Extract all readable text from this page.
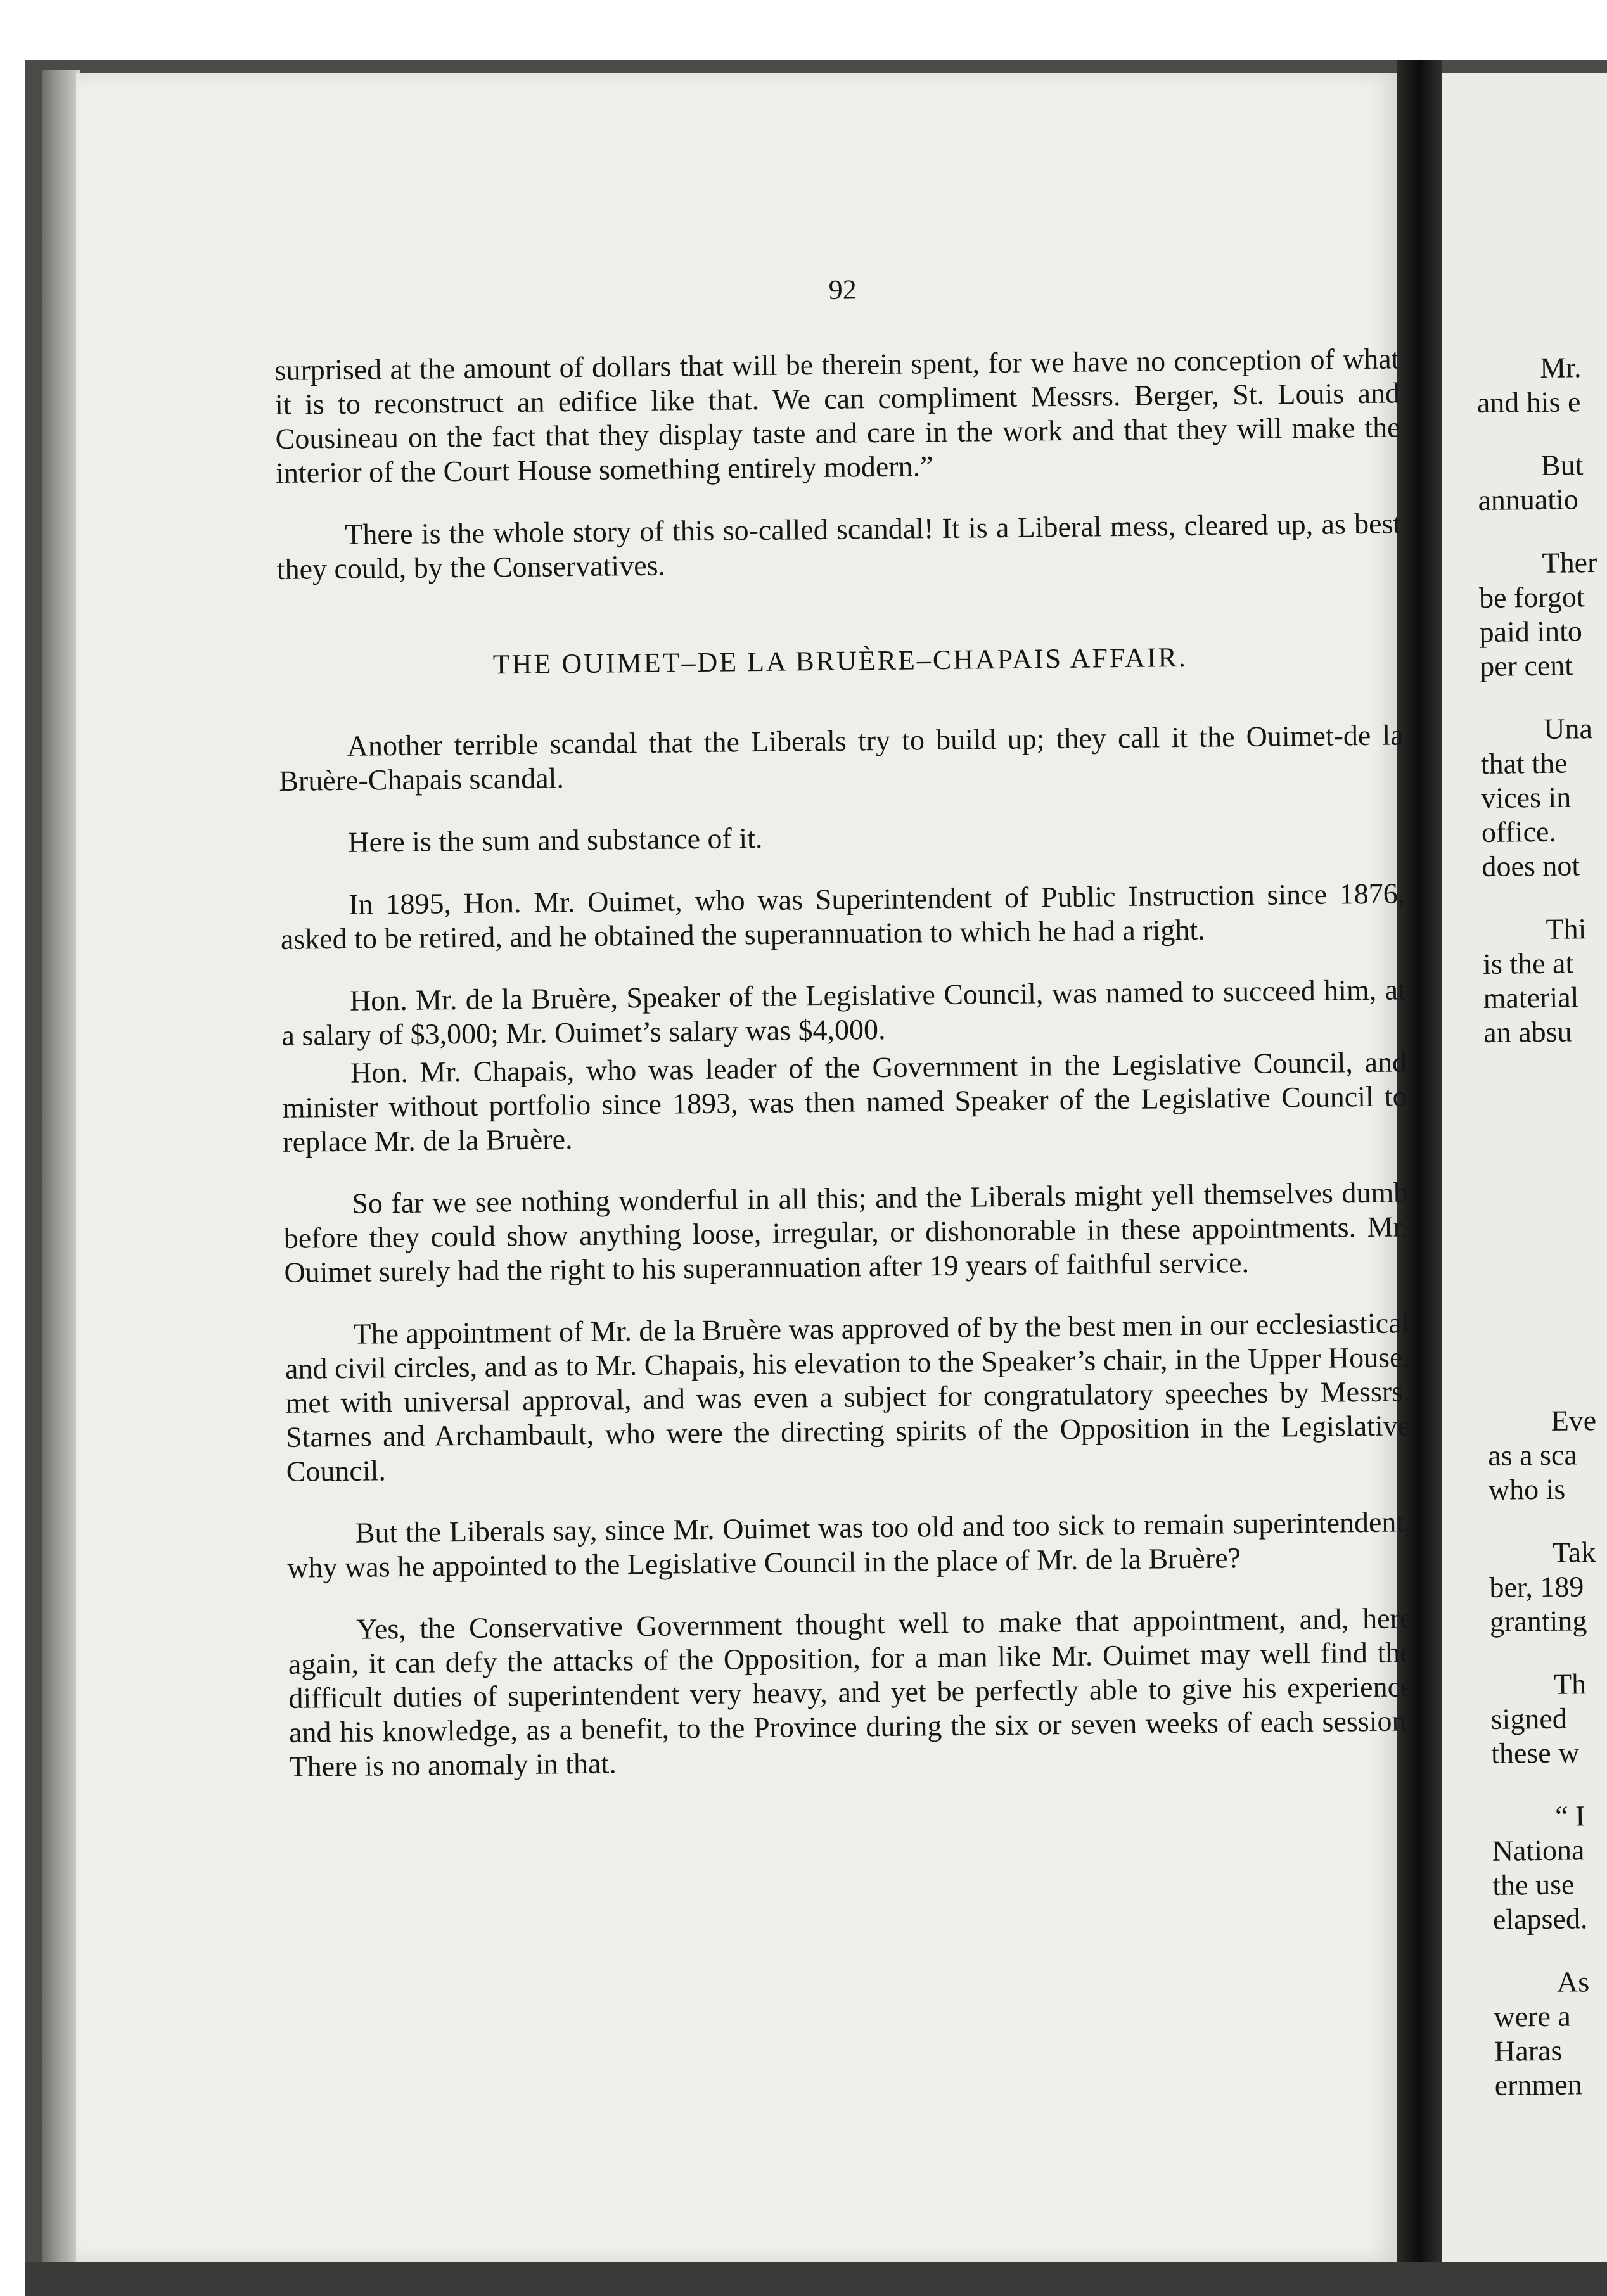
92

surprised at the amount of dollars that will be therein spent, for we have no conception of what it is to reconstruct an edifice like that. We can compliment Messrs. Berger, St. Louis and Cousineau on the fact that they display taste and care in the work and that they will make the interior of the Court House something entirely modern.”

There is the whole story of this so-called scandal! It is a Liberal mess, cleared up, as best they could, by the Conservatives.

THE OUIMET–DE LA BRUÈRE–CHAPAIS AFFAIR.

Another terrible scandal that the Liberals try to build up; they call it the Ouimet-de la Bruère-Chapais scandal.

Here is the sum and substance of it.

In 1895, Hon. Mr. Ouimet, who was Superintendent of Public Instruction since 1876, asked to be retired, and he obtained the superannuation to which he had a right.

Hon. Mr. de la Bruère, Speaker of the Legislative Council, was named to succeed him, at a salary of $3,000; Mr. Ouimet’s salary was $4,000.

Hon. Mr. Chapais, who was leader of the Government in the Legislative Council, and minister without portfolio since 1893, was then named Speaker of the Legislative Council to replace Mr. de la Bruère.

So far we see nothing wonderful in all this; and the Liberals might yell themselves dumb before they could show anything loose, irregular, or dishonorable in these appointments. Mr. Ouimet surely had the right to his superannuation after 19 years of faithful service.

The appointment of Mr. de la Bruère was approved of by the best men in our ecclesiastical and civil circles, and as to Mr. Chapais, his elevation to the Speaker’s chair, in the Upper House, met with universal approval, and was even a subject for congratulatory speeches by Messrs. Starnes and Archambault, who were the directing spirits of the Opposition in the Legislative Council.

But the Liberals say, since Mr. Ouimet was too old and too sick to remain superintendent, why was he appointed to the Legislative Council in the place of Mr. de la Bruère?

Yes, the Conservative Government thought well to make that appointment, and, here again, it can defy the attacks of the Opposition, for a man like Mr. Ouimet may well find the difficult duties of superintendent very heavy, and yet be perfectly able to give his experience and his knowledge, as a benefit, to the Province during the six or seven weeks of each session. There is no anomaly in that.

Mr.
and his e
But
annuatio
Ther
be forgot
paid into
per cent
Una
that the
vices in
office.
does not
Thi
is the at
material
an absu
Eve
as a sca
who is
Tak
ber, 189
granting
Th
signed
these w
“ I
Nationa
the use
elapsed.
As
were a
Haras
ernmen
